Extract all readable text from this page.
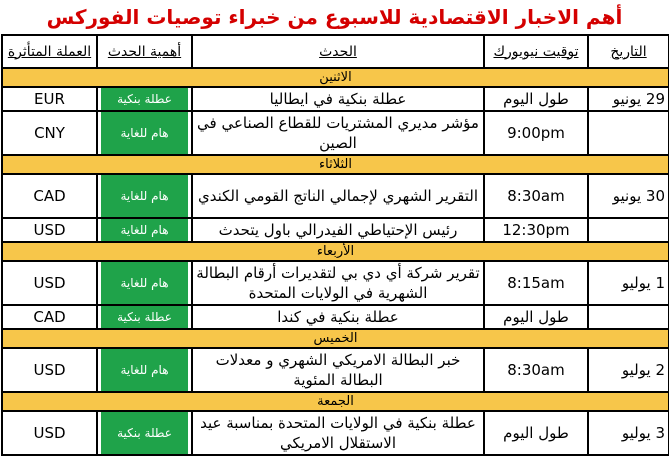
أهم الاخبار الاقتصادية للاسبوع من خبراء توصيات الفوركس
التاريخ	توقيت نيويورك	الحدث	أهمية الحدث	العملة المتأثرة
الاثنين				
29 يونيو	طول اليوم	عطلة بنكية في ايطاليا	عطلة بنكية	EUR
	9:00pm	مؤشر مديري المشتريات للقطاع الصناعي في الصين	هام للغاية	CNY
الثلاثاء				
30 يونيو	8:30am	التقرير الشهري لإجمالي الناتج القومي الكندي	هام للغاية	CAD
	12:30pm	رئيس الإحتياطي الفيدرالي باول يتحدث	هام للغاية	USD
الأربعاء				
1 يوليو	8:15am	تقرير شركة أي دي بي لتقديرات أرقام البطالة الشهرية في الولايات المتحدة	هام للغاية	USD
	طول اليوم	عطلة بنكية في كندا	عطلة بنكية	CAD
الخميس				
2 يوليو	8:30am	خبر البطالة الامريكي الشهري و معدلات البطالة المئوية	هام للغاية	USD
الجمعة				
3 يوليو	طول اليوم	عطلة بنكية في الولايات المتحدة بمناسبة عيد الاستقلال الامريكي	عطلة بنكية	USD
